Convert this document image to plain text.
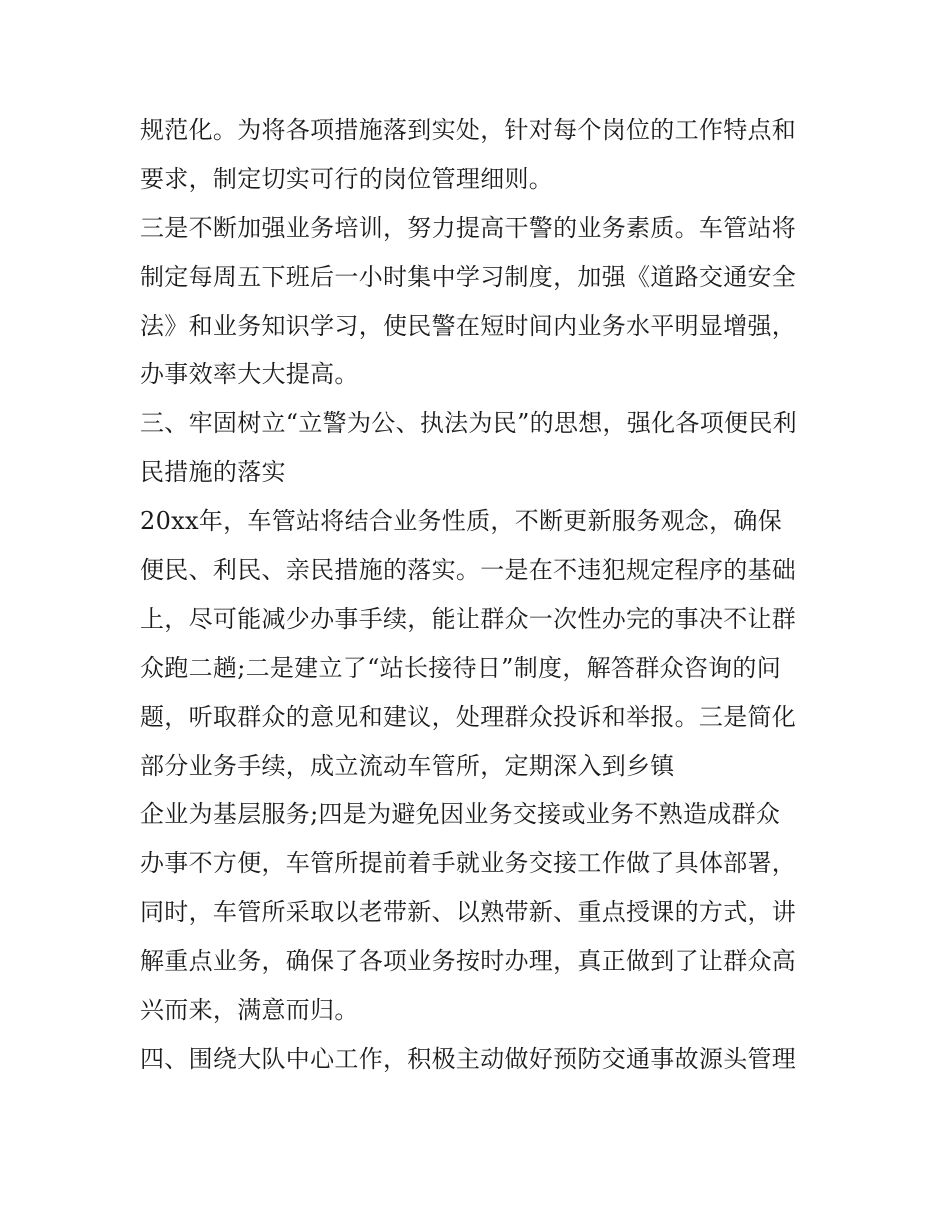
规范化。为将各项措施落到实处，针对每个岗位的工作特点和
要求，制定切实可行的岗位管理细则。
三是不断加强业务培训，努力提高干警的业务素质。车管站将
制定每周五下班后一小时集中学习制度，加强《道路交通安全
法》和业务知识学习，使民警在短时间内业务水平明显增强，
办事效率大大提高。
三、牢固树立“立警为公、执法为民”的思想，强化各项便民利
民措施的落实
20xx年，车管站将结合业务性质，不断更新服务观念，确保
便民、利民、亲民措施的落实。一是在不违犯规定程序的基础
上，尽可能减少办事手续，能让群众一次性办完的事决不让群
众跑二趟;二是建立了“站长接待日”制度，解答群众咨询的问
题，听取群众的意见和建议，处理群众投诉和举报。三是简化
部分业务手续，成立流动车管所，定期深入到乡镇
企业为基层服务;四是为避免因业务交接或业务不熟造成群众
办事不方便，车管所提前着手就业务交接工作做了具体部署，
同时，车管所采取以老带新、以熟带新、重点授课的方式，讲
解重点业务，确保了各项业务按时办理，真正做到了让群众高
兴而来，满意而归。
四、围绕大队中心工作，积极主动做好预防交通事故源头管理
